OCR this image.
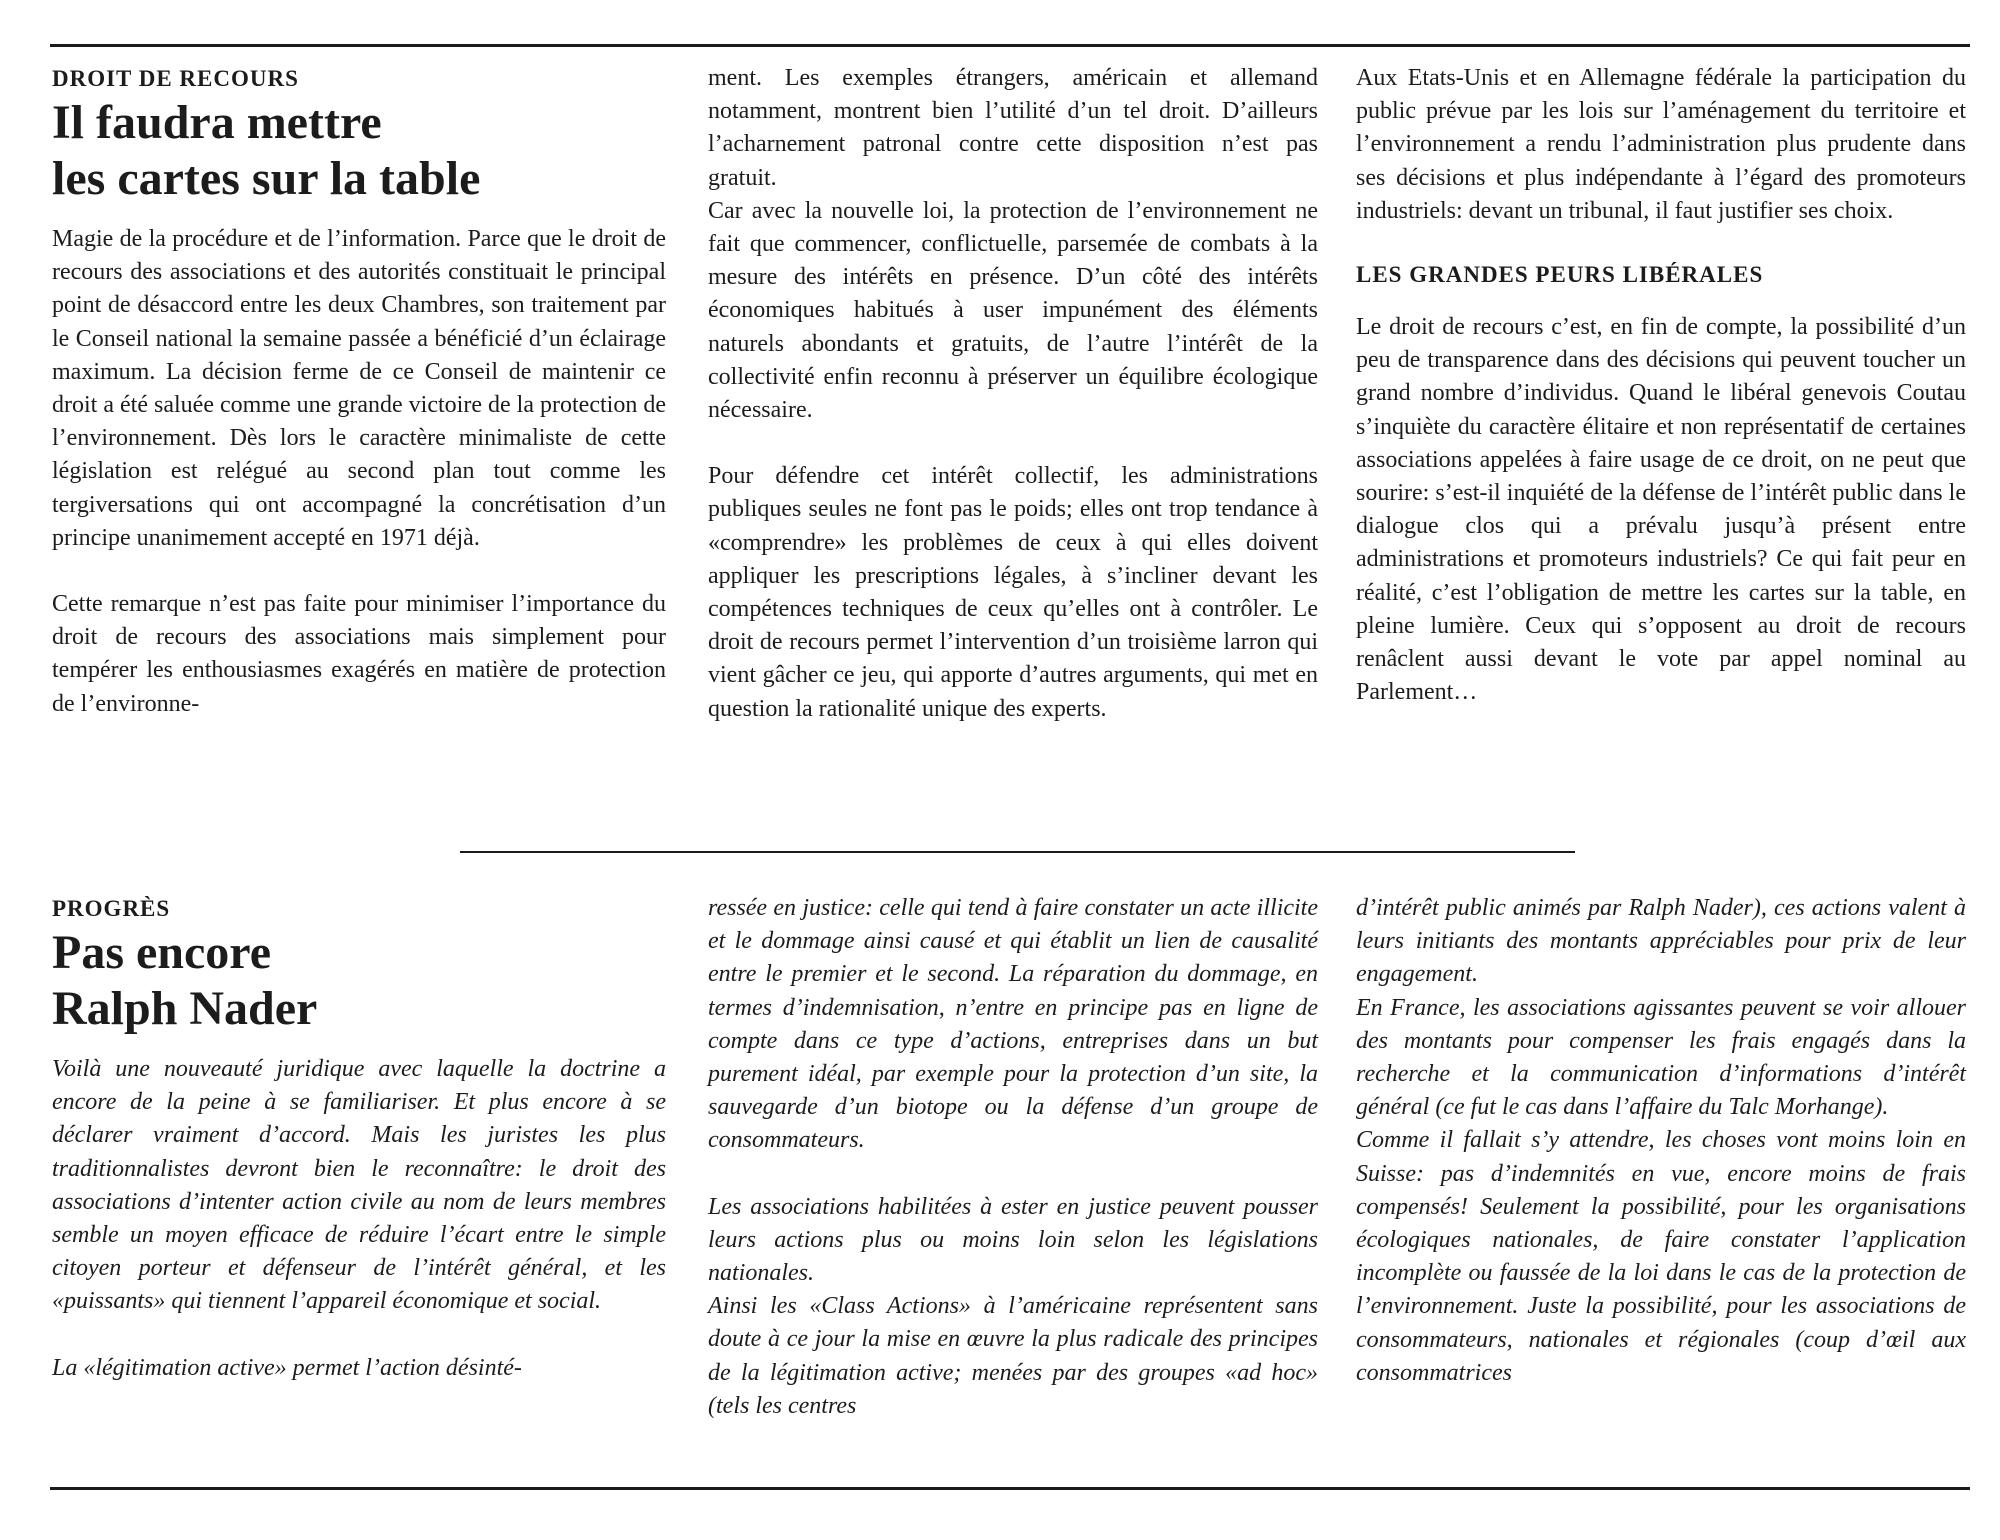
DROIT DE RECOURS
Il faudra mettre
les cartes sur la table

Magie de la procédure et de l’information. Parce que le droit de recours des associations et des autorités constituait le principal point de désaccord entre les deux Chambres, son traitement par le Conseil national la semaine passée a bénéficié d’un éclairage maximum. La décision ferme de ce Conseil de maintenir ce droit a été saluée comme une grande victoire de la protection de l’environnement. Dès lors le caractère minimaliste de cette législation est relégué au second plan tout comme les tergiversations qui ont accompagné la concrétisation d’un principe unanimement accepté en 1971 déjà.

Cette remarque n’est pas faite pour minimiser l’importance du droit de recours des associations mais simplement pour tempérer les enthousiasmes exagérés en matière de protection de l’environne-

ment. Les exemples étrangers, américain et allemand notamment, montrent bien l’utilité d’un tel droit. D’ailleurs l’acharnement patronal contre cette disposition n’est pas gratuit.

Car avec la nouvelle loi, la protection de l’environnement ne fait que commencer, conflictuelle, parsemée de combats à la mesure des intérêts en présence. D’un côté des intérêts économiques habitués à user impunément des éléments naturels abondants et gratuits, de l’autre l’intérêt de la collectivité enfin reconnu à préserver un équilibre écologique nécessaire.

Pour défendre cet intérêt collectif, les administrations publiques seules ne font pas le poids; elles ont trop tendance à «comprendre» les problèmes de ceux à qui elles doivent appliquer les prescriptions légales, à s’incliner devant les compétences techniques de ceux qu’elles ont à contrôler. Le droit de recours permet l’intervention d’un troisième larron qui vient gâcher ce jeu, qui apporte d’autres arguments, qui met en question la rationalité unique des experts.

Aux Etats-Unis et en Allemagne fédérale la participation du public prévue par les lois sur l’aménagement du territoire et l’environnement a rendu l’administration plus prudente dans ses décisions et plus indépendante à l’égard des promoteurs industriels: devant un tribunal, il faut justifier ses choix.

LES GRANDES PEURS LIBÉRALES

Le droit de recours c’est, en fin de compte, la possibilité d’un peu de transparence dans des décisions qui peuvent toucher un grand nombre d’individus. Quand le libéral genevois Coutau s’inquiète du caractère élitaire et non représentatif de certaines associations appelées à faire usage de ce droit, on ne peut que sourire: s’est-il inquiété de la défense de l’intérêt public dans le dialogue clos qui a prévalu jusqu’à présent entre administrations et promoteurs industriels? Ce qui fait peur en réalité, c’est l’obligation de mettre les cartes sur la table, en pleine lumière. Ceux qui s’opposent au droit de recours renâclent aussi devant le vote par appel nominal au Parlement…

PROGRÈS
Pas encore
Ralph Nader

Voilà une nouveauté juridique avec laquelle la doctrine a encore de la peine à se familiariser. Et plus encore à se déclarer vraiment d’accord. Mais les juristes les plus traditionnalistes devront bien le reconnaître: le droit des associations d’intenter action civile au nom de leurs membres semble un moyen efficace de réduire l’écart entre le simple citoyen porteur et défenseur de l’intérêt général, et les «puissants» qui tiennent l’appareil économique et social.

La «légitimation active» permet l’action désinté-

ressée en justice: celle qui tend à faire constater un acte illicite et le dommage ainsi causé et qui établit un lien de causalité entre le premier et le second. La réparation du dommage, en termes d’indemnisation, n’entre en principe pas en ligne de compte dans ce type d’actions, entreprises dans un but purement idéal, par exemple pour la protection d’un site, la sauvegarde d’un biotope ou la défense d’un groupe de consommateurs.

Les associations habilitées à ester en justice peuvent pousser leurs actions plus ou moins loin selon les législations nationales.

Ainsi les «Class Actions» à l’américaine représentent sans doute à ce jour la mise en œuvre la plus radicale des principes de la légitimation active; menées par des groupes «ad hoc» (tels les centres

d’intérêt public animés par Ralph Nader), ces actions valent à leurs initiants des montants appréciables pour prix de leur engagement.

En France, les associations agissantes peuvent se voir allouer des montants pour compenser les frais engagés dans la recherche et la communication d’informations d’intérêt général (ce fut le cas dans l’affaire du Talc Morhange).

Comme il fallait s’y attendre, les choses vont moins loin en Suisse: pas d’indemnités en vue, encore moins de frais compensés! Seulement la possibilité, pour les organisations écologiques nationales, de faire constater l’application incomplète ou faussée de la loi dans le cas de la protection de l’environnement. Juste la possibilité, pour les associations de consommateurs, nationales et régionales (coup d’œil aux consommatrices
